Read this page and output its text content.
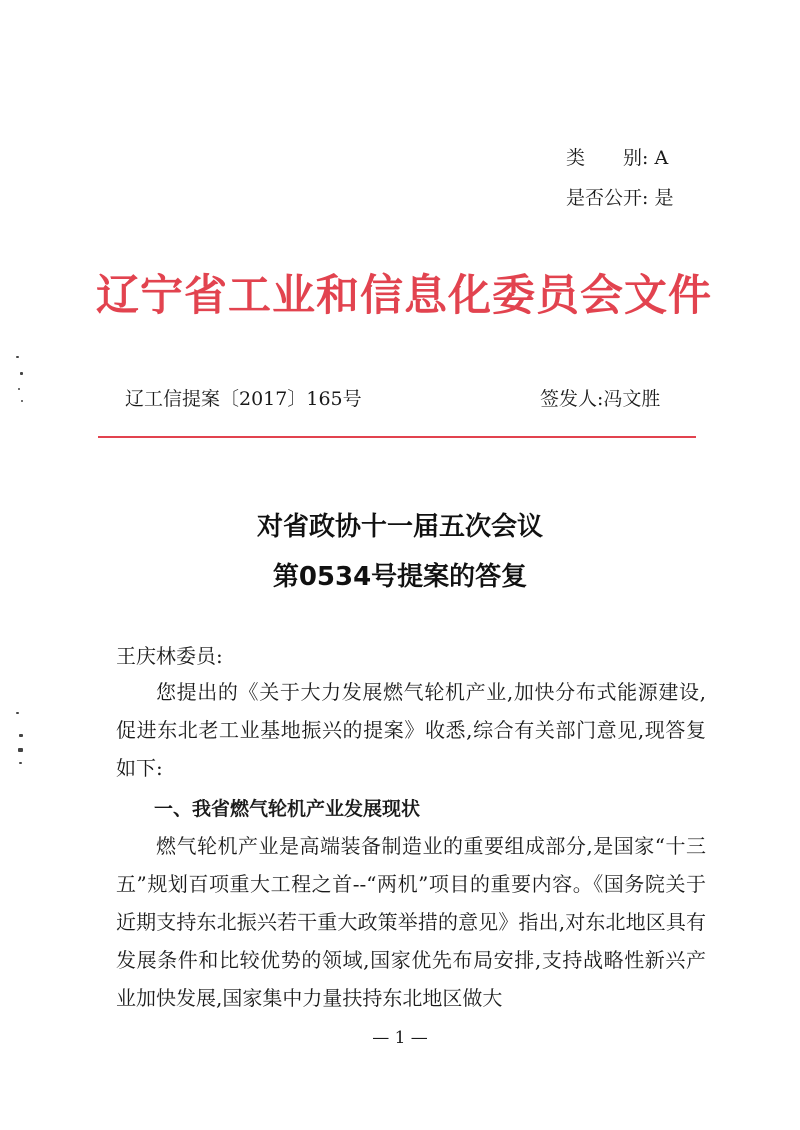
类　　别: A
是否公开: 是
辽宁省工业和信息化委员会文件
辽工信提案〔2017〕165号	签发人:冯文胜
对省政协十一届五次会议
第0534号提案的答复
王庆林委员:
您提出的《关于大力发展燃气轮机产业,加快分布式能源建设,促进东北老工业基地振兴的提案》收悉,综合有关部门意见,现答复如下:
一、我省燃气轮机产业发展现状
燃气轮机产业是高端装备制造业的重要组成部分,是国家“十三五”规划百项重大工程之首--“两机”项目的重要内容。《国务院关于近期支持东北振兴若干重大政策举措的意见》指出,对东北地区具有发展条件和比较优势的领域,国家优先布局安排,支持战略性新兴产业加快发展,国家集中力量扶持东北地区做大
— 1 —
